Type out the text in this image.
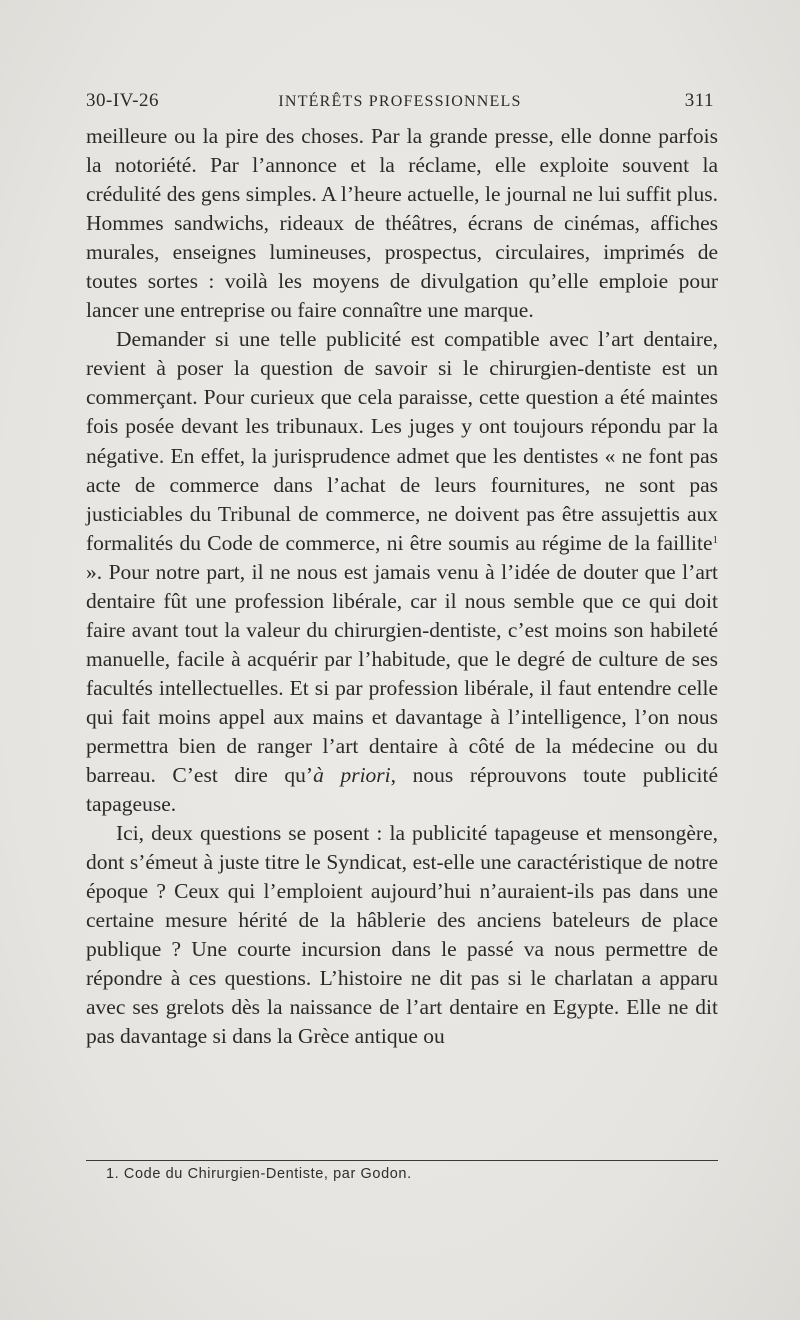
30-IV-26	INTÉRÊTS PROFESSIONNELS	311

meilleure ou la pire des choses. Par la grande presse, elle donne parfois la notoriété. Par l’annonce et la réclame, elle exploite souvent la crédulité des gens simples. A l’heure actuelle, le journal ne lui suffit plus. Hommes sandwichs, rideaux de théâtres, écrans de cinémas, affiches murales, enseignes lumineuses, prospectus, circulaires, imprimés de toutes sortes : voilà les moyens de divulgation qu’elle emploie pour lancer une entreprise ou faire connaître une marque.

Demander si une telle publicité est compatible avec l’art dentaire, revient à poser la question de savoir si le chirurgien-dentiste est un commerçant. Pour curieux que cela paraisse, cette question a été maintes fois posée devant les tribunaux. Les juges y ont toujours répondu par la négative. En effet, la jurisprudence admet que les dentistes « ne font pas acte de commerce dans l’achat de leurs fournitures, ne sont pas justiciables du Tribunal de commerce, ne doivent pas être assujettis aux formalités du Code de commerce, ni être soumis au régime de la faillite$^1$ ». Pour notre part, il ne nous est jamais venu à l’idée de douter que l’art dentaire fût une profession libérale, car il nous semble que ce qui doit faire avant tout la valeur du chirurgien-dentiste, c’est moins son habileté manuelle, facile à acquérir par l’habitude, que le degré de culture de ses facultés intellectuelles. Et si par profession libérale, il faut entendre celle qui fait moins appel aux mains et davantage à l’intelligence, l’on nous permettra bien de ranger l’art dentaire à côté de la médecine ou du barreau. C’est dire qu’à priori, nous réprouvons toute publicité tapageuse.

Ici, deux questions se posent : la publicité tapageuse et mensongère, dont s’émeut à juste titre le Syndicat, est-elle une caractéristique de notre époque ? Ceux qui l’emploient aujourd’hui n’auraient-ils pas dans une certaine mesure hérité de la hâblerie des anciens bateleurs de place publique ? Une courte incursion dans le passé va nous permettre de répondre à ces questions. L’histoire ne dit pas si le charlatan a apparu avec ses grelots dès la naissance de l’art dentaire en Egypte. Elle ne dit pas davantage si dans la Grèce antique ou

1. Code du Chirurgien-Dentiste, par Godon.
